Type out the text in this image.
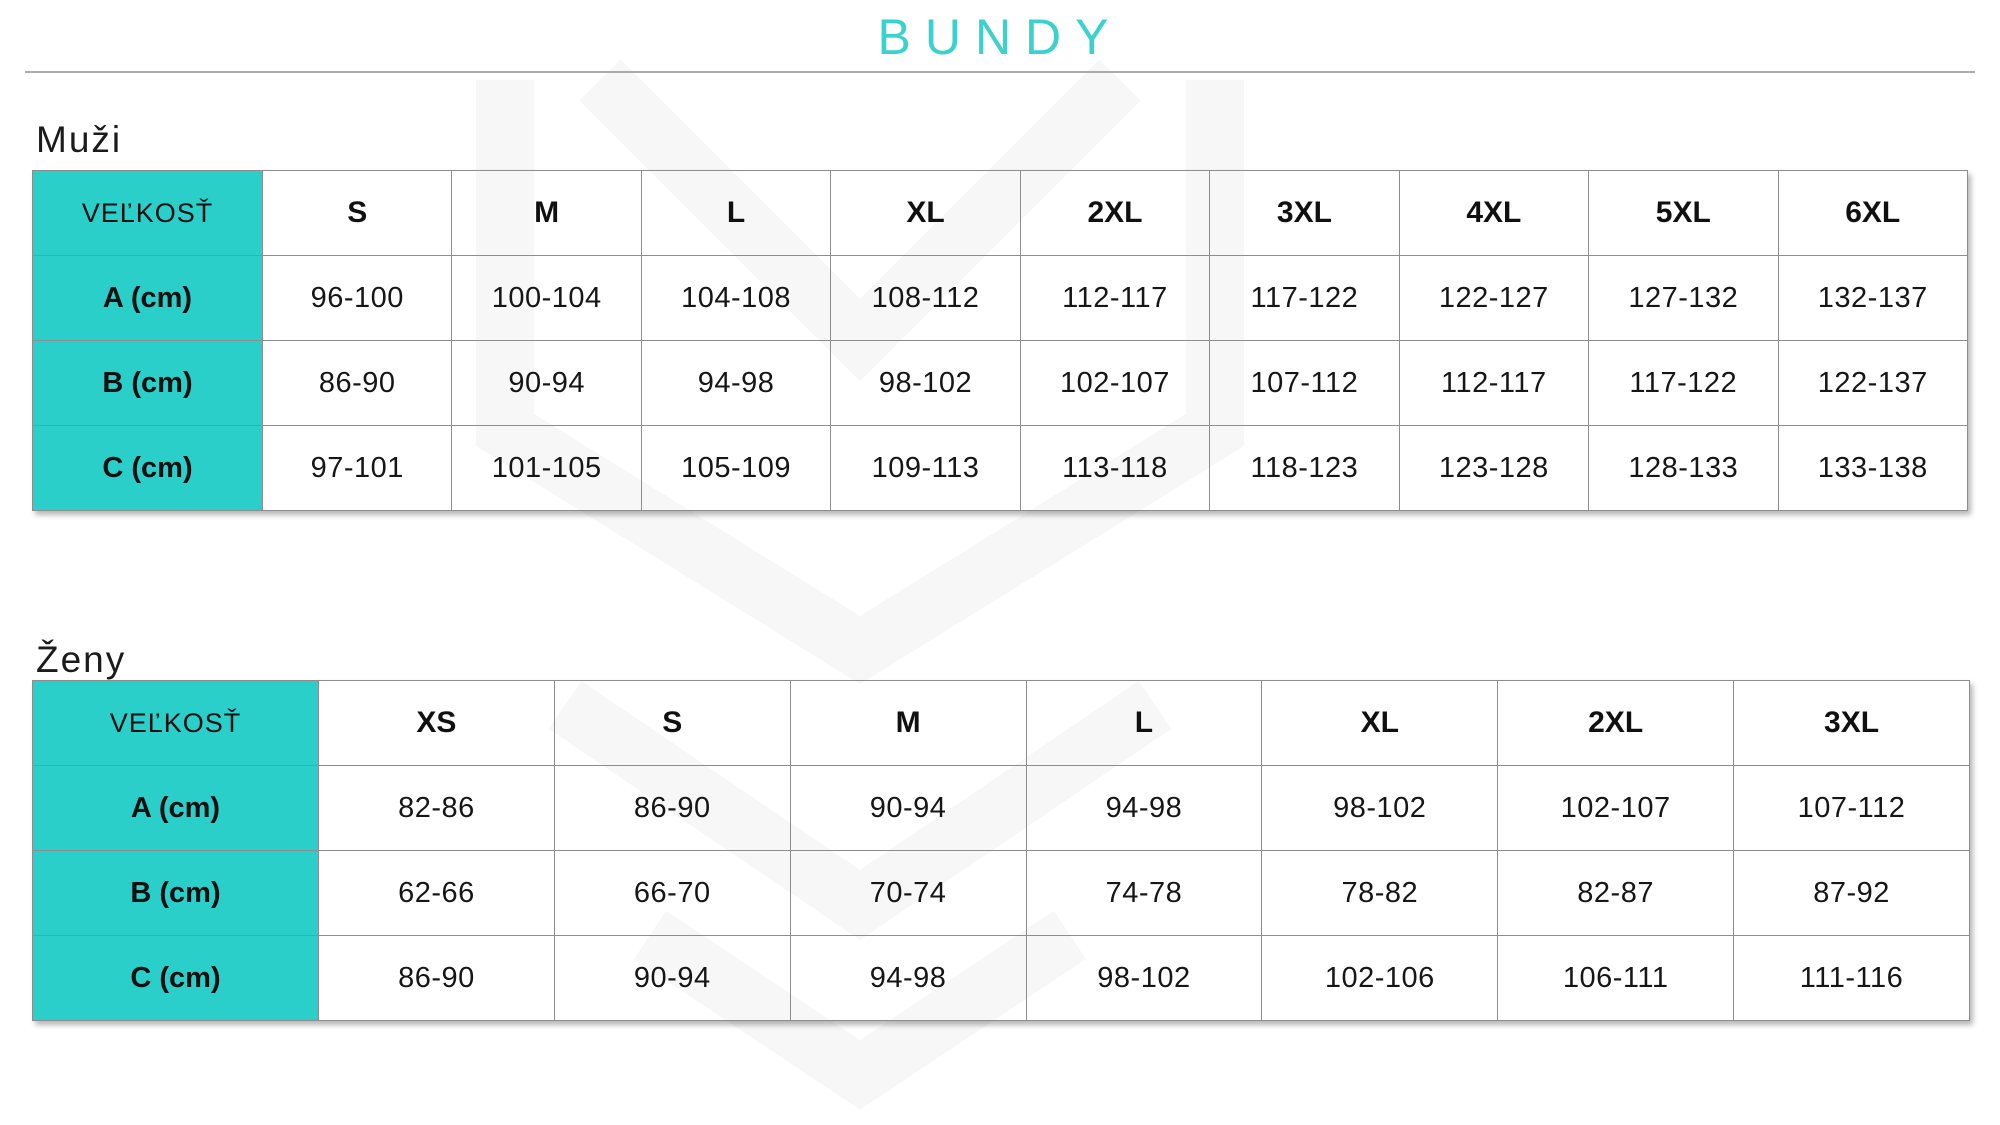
BUNDY
Muži
VEĽKOSŤ	S	M	L	XL	2XL	3XL	4XL	5XL	6XL
A (cm)	96-100	100-104	104-108	108-112	112-117	117-122	122-127	127-132	132-137
B (cm)	86-90	90-94	94-98	98-102	102-107	107-112	112-117	117-122	122-137
C (cm)	97-101	101-105	105-109	109-113	113-118	118-123	123-128	128-133	133-138
Ženy
VEĽKOSŤ	XS	S	M	L	XL	2XL	3XL
A (cm)	82-86	86-90	90-94	94-98	98-102	102-107	107-112
B (cm)	62-66	66-70	70-74	74-78	78-82	82-87	87-92
C (cm)	86-90	90-94	94-98	98-102	102-106	106-111	111-116
